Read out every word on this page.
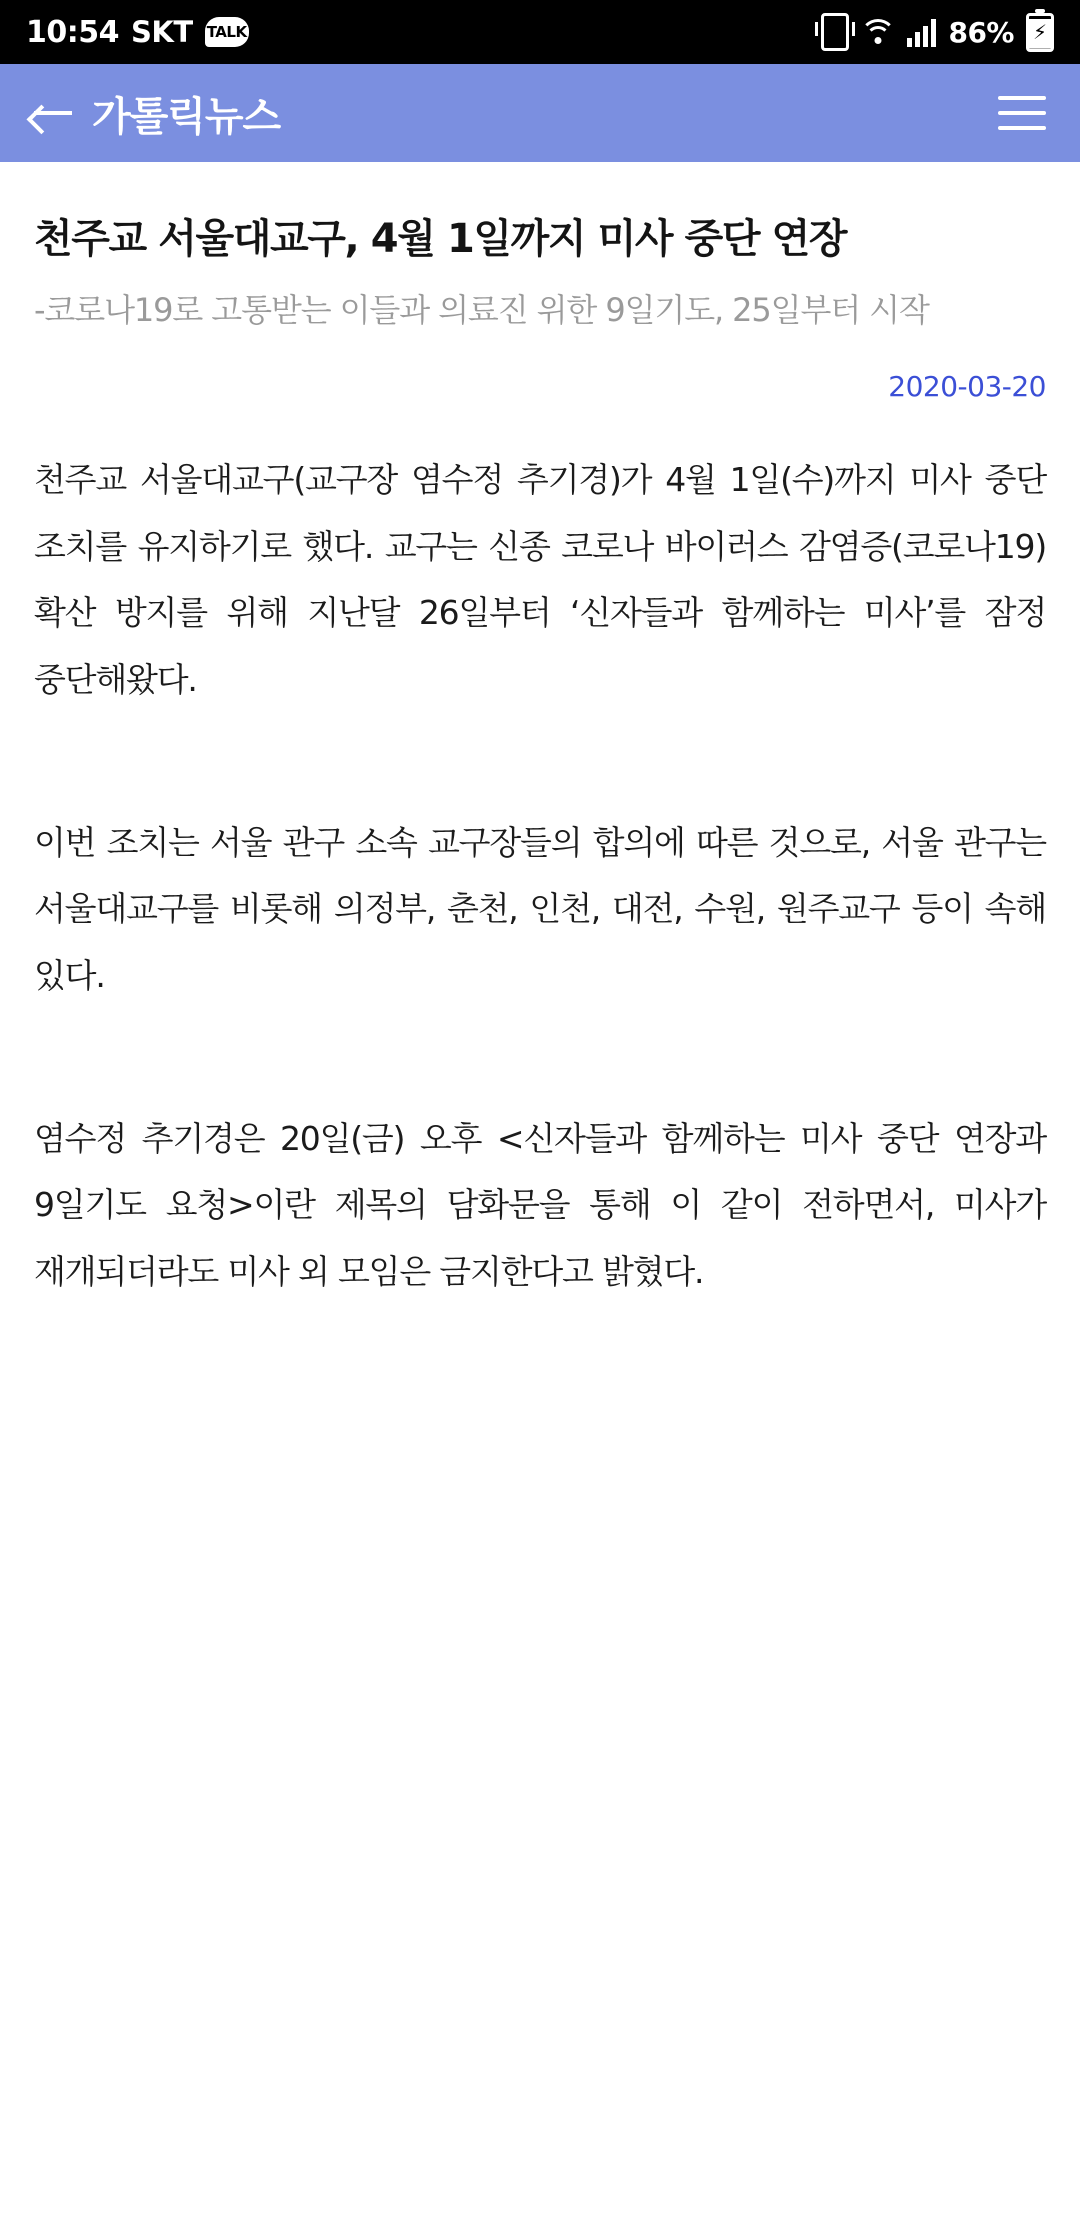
10:54 SKT TALK	86% ⚡
가톨릭뉴스
천주교 서울대교구, 4월 1일까지 미사 중단 연장
-코로나19로 고통받는 이들과 의료진 위한 9일기도, 25일부터 시작
2020-03-20

천주교 서울대교구(교구장 염수정 추기경)가 4월 1일(수)까지 미사 중단 조치를 유지하기로 했다. 교구는 신종 코로나 바이러스 감염증(코로나19) 확산 방지를 위해 지난달 26일부터 ‘신자들과 함께하는 미사’를 잠정 중단해왔다.

이번 조치는 서울 관구 소속 교구장들의 합의에 따른 것으로, 서울 관구는 서울대교구를 비롯해 의정부, 춘천, 인천, 대전, 수원, 원주교구 등이 속해 있다.

염수정 추기경은 20일(금) 오후 <신자들과 함께하는 미사 중단 연장과 9일기도 요청>이란 제목의 담화문을 통해 이 같이 전하면서, 미사가 재개되더라도 미사 외 모임은 금지한다고 밝혔다.
